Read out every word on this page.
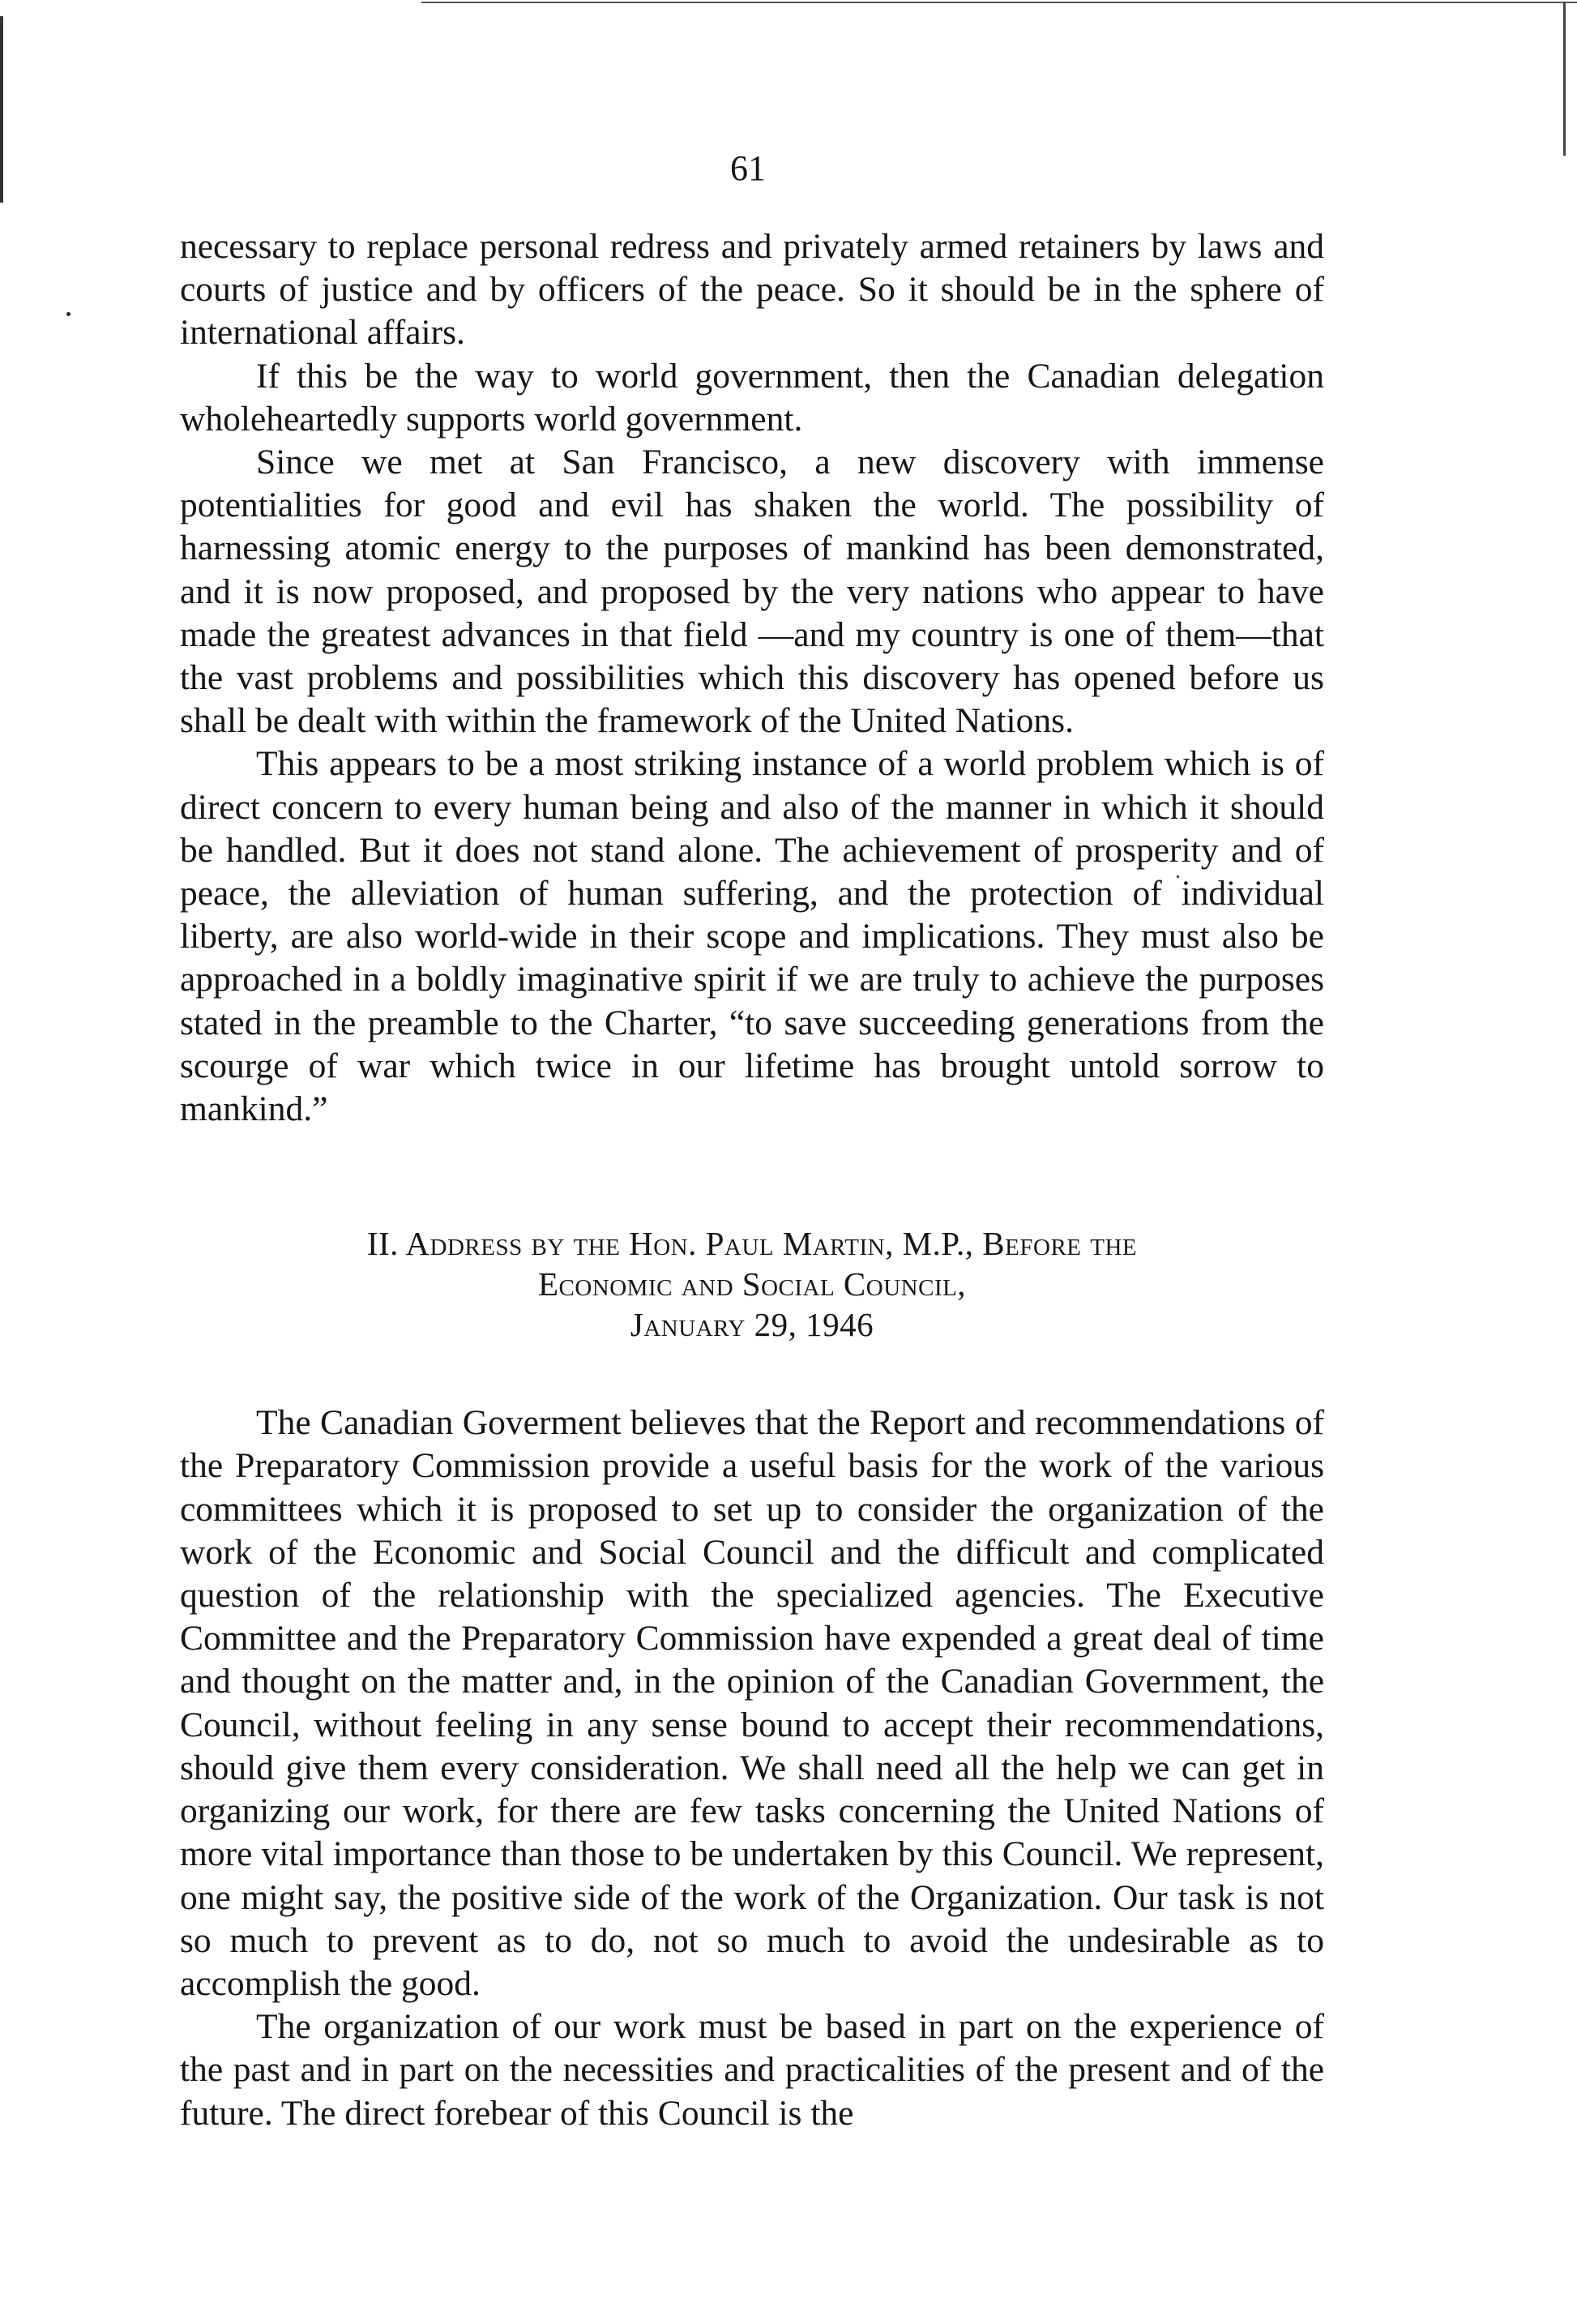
61

necessary to replace personal redress and privately armed retainers by laws and courts of justice and by officers of the peace. So it should be in the sphere of international affairs.

If this be the way to world government, then the Canadian delegation wholeheartedly supports world government.

Since we met at San Francisco, a new discovery with immense potentialities for good and evil has shaken the world. The possibility of harnessing atomic energy to the purposes of mankind has been demonstrated, and it is now proposed, and proposed by the very nations who appear to have made the greatest advances in that field —and my country is one of them—that the vast problems and possibilities which this discovery has opened before us shall be dealt with within the framework of the United Nations.

This appears to be a most striking instance of a world problem which is of direct concern to every human being and also of the manner in which it should be handled. But it does not stand alone. The achievement of prosperity and of peace, the alleviation of human suffering, and the protection of individual liberty, are also world-wide in their scope and implications. They must also be approached in a boldly imaginative spirit if we are truly to achieve the purposes stated in the preamble to the Charter, “to save succeeding generations from the scourge of war which twice in our lifetime has brought untold sorrow to mankind.”

II. Address by the Hon. Paul Martin, M.P., Before the
Economic and Social Council,
January 29, 1946

The Canadian Goverment believes that the Report and recommendations of the Preparatory Commission provide a useful basis for the work of the various committees which it is proposed to set up to consider the organization of the work of the Economic and Social Council and the difficult and complicated question of the relationship with the specialized agencies. The Executive Committee and the Preparatory Commission have expended a great deal of time and thought on the matter and, in the opinion of the Canadian Government, the Council, without feeling in any sense bound to accept their recommendations, should give them every consideration. We shall need all the help we can get in organizing our work, for there are few tasks concerning the United Nations of more vital importance than those to be undertaken by this Council. We represent, one might say, the positive side of the work of the Organization. Our task is not so much to prevent as to do, not so much to avoid the undesirable as to accomplish the good.

The organization of our work must be based in part on the experience of the past and in part on the necessities and practicalities of the present and of the future. The direct forebear of this Council is the
